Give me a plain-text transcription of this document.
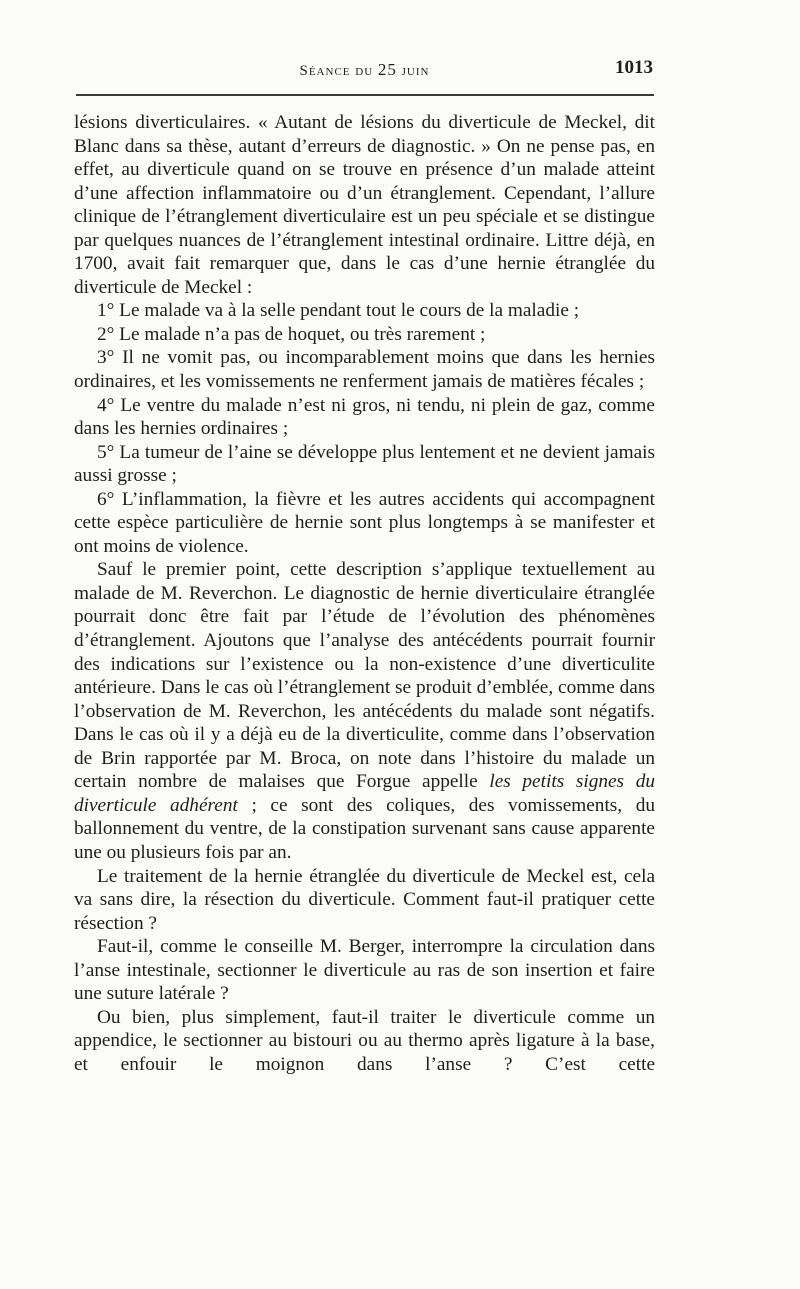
Séance du 25 juin	1013

lésions diverticulaires. « Autant de lésions du diverticule de Meckel, dit Blanc dans sa thèse, autant d’erreurs de diagnostic. » On ne pense pas, en effet, au diverticule quand on se trouve en présence d’un malade atteint d’une affection inflammatoire ou d’un étranglement. Cependant, l’allure clinique de l’étranglement diverticulaire est un peu spéciale et se distingue par quelques nuances de l’étranglement intestinal ordinaire. Littre déjà, en 1700, avait fait remarquer que, dans le cas d’une hernie étranglée du diverticule de Meckel :

1° Le malade va à la selle pendant tout le cours de la maladie ;

2° Le malade n’a pas de hoquet, ou très rarement ;

3° Il ne vomit pas, ou incomparablement moins que dans les hernies ordinaires, et les vomissements ne renferment jamais de matières fécales ;

4° Le ventre du malade n’est ni gros, ni tendu, ni plein de gaz, comme dans les hernies ordinaires ;

5° La tumeur de l’aine se développe plus lentement et ne devient jamais aussi grosse ;

6° L’inflammation, la fièvre et les autres accidents qui accompagnent cette espèce particulière de hernie sont plus longtemps à se manifester et ont moins de violence.

Sauf le premier point, cette description s’applique textuellement au malade de M. Reverchon. Le diagnostic de hernie diverticulaire étranglée pourrait donc être fait par l’étude de l’évolution des phénomènes d’étranglement. Ajoutons que l’analyse des antécédents pourrait fournir des indications sur l’existence ou la non-existence d’une diverticulite antérieure. Dans le cas où l’étranglement se produit d’emblée, comme dans l’observation de M. Reverchon, les antécédents du malade sont négatifs. Dans le cas où il y a déjà eu de la diverticulite, comme dans l’observation de Brin rapportée par M. Broca, on note dans l’histoire du malade un certain nombre de malaises que Forgue appelle les petits signes du diverticule adhérent ; ce sont des coliques, des vomissements, du ballonnement du ventre, de la constipation survenant sans cause apparente une ou plusieurs fois par an.

Le traitement de la hernie étranglée du diverticule de Meckel est, cela va sans dire, la résection du diverticule. Comment faut-il pratiquer cette résection ?

Faut-il, comme le conseille M. Berger, interrompre la circulation dans l’anse intestinale, sectionner le diverticule au ras de son insertion et faire une suture latérale ?

Ou bien, plus simplement, faut-il traiter le diverticule comme un appendice, le sectionner au bistouri ou au thermo après ligature à la base, et enfouir le moignon dans l’anse ? C’est cette
